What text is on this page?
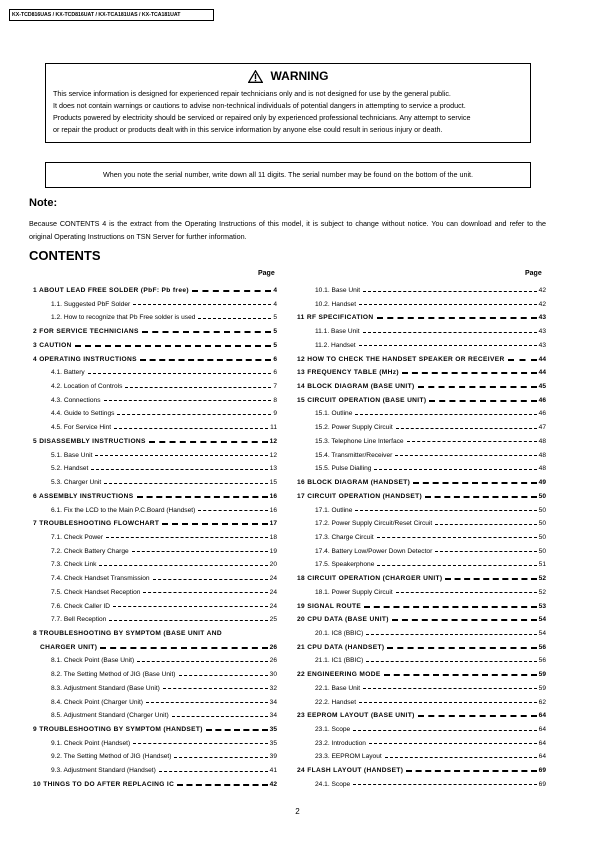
KX-TCD816UAS / KX-TCD816UAT / KX-TCA181UAS / KX-TCA181UAT
WARNING
This service information is designed for experienced repair technicians only and is not designed for use by the general public.
It does not contain warnings or cautions to advise non-technical individuals of potential dangers in attempting to service a product.
Products powered by electricity should be serviced or repaired only by experienced professional technicians. Any attempt to service
or repair the product or products dealt with in this service information by anyone else could result in serious injury or death.
When you note the serial number, write down all 11 digits. The serial number may be found on the bottom of the unit.
Note:
Because CONTENTS 4 is the extract from the Operating Instructions of this model, it is subject to change without notice. You can download and refer to the original Operating Instructions on TSN Server for further information.
CONTENTS
Page	Page
1 ABOUT LEAD FREE SOLDER (PbF: Pb free)	4
1.1. Suggested PbF Solder	4
1.2. How to recognize that Pb Free solder is used	5
2 FOR SERVICE TECHNICIANS	5
3 CAUTION	5
4 OPERATING INSTRUCTIONS	6
4.1. Battery	6
4.2. Location of Controls	7
4.3. Connections	8
4.4. Guide to Settings	9
4.5. For Service Hint	11
5 DISASSEMBLY INSTRUCTIONS	12
5.1. Base Unit	12
5.2. Handset	13
5.3. Charger Unit	15
6 ASSEMBLY INSTRUCTIONS	16
6.1. Fix the LCD to the Main P.C.Board (Handset)	16
7 TROUBLESHOOTING FLOWCHART	17
7.1. Check Power	18
7.2. Check Battery Charge	19
7.3. Check Link	20
7.4. Check Handset Transmission	24
7.5. Check Handset Reception	24
7.6. Check Caller ID	24
7.7. Bell Reception	25
8 TROUBLESHOOTING BY SYMPTOM (BASE UNIT AND
CHARGER UNIT)	26
8.1. Check Point (Base Unit)	26
8.2. The Setting Method of JIG (Base Unit)	30
8.3. Adjustment Standard (Base Unit)	32
8.4. Check Point (Charger Unit)	34
8.5. Adjustment Standard (Charger Unit)	34
9 TROUBLESHOOTING BY SYMPTOM (HANDSET)	35
9.1. Check Point (Handset)	35
9.2. The Setting Method of JIG (Handset)	39
9.3. Adjustment Standard (Handset)	41
10 THINGS TO DO AFTER REPLACING IC	42
10.1. Base Unit	42
10.2. Handset	42
11 RF SPECIFICATION	43
11.1. Base Unit	43
11.2. Handset	43
12 HOW TO CHECK THE HANDSET SPEAKER OR RECEIVER	44
13 FREQUENCY TABLE (MHz)	44
14 BLOCK DIAGRAM (BASE UNIT)	45
15 CIRCUIT OPERATION (BASE UNIT)	46
15.1. Outline	46
15.2. Power Supply Circuit	47
15.3. Telephone Line Interface	48
15.4. Transmitter/Receiver	48
15.5. Pulse Dialling	48
16 BLOCK DIAGRAM (HANDSET)	49
17 CIRCUIT OPERATION (HANDSET)	50
17.1. Outline	50
17.2. Power Supply Circuit/Reset Circuit	50
17.3. Charge Circuit	50
17.4. Battery Low/Power Down Detector	50
17.5. Speakerphone	51
18 CIRCUIT OPERATION (CHARGER UNIT)	52
18.1. Power Supply Circuit	52
19 SIGNAL ROUTE	53
20 CPU DATA (BASE UNIT)	54
20.1. IC8 (BBIC)	54
21 CPU DATA (HANDSET)	56
21.1. IC1 (BBIC)	56
22 ENGINEERING MODE	59
22.1. Base Unit	59
22.2. Handset	62
23 EEPROM LAYOUT (BASE UNIT)	64
23.1. Scope	64
23.2. Introduction	64
23.3. EEPROM Layout	64
24 FLASH LAYOUT (HANDSET)	69
24.1. Scope	69
2
